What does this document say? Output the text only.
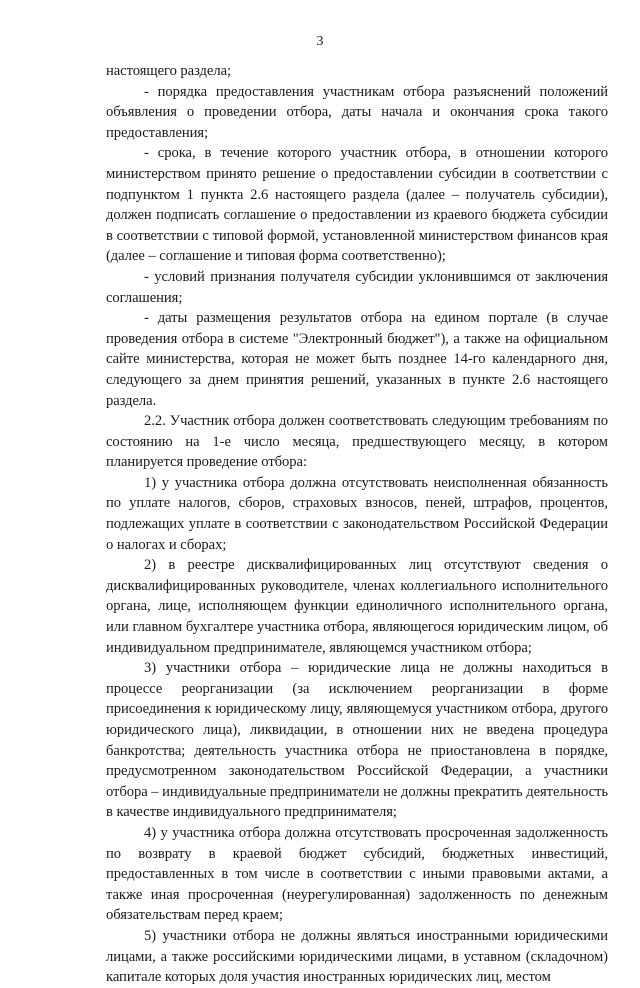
3

настоящего раздела;

- порядка предоставления участникам отбора разъяснений положений объявления о проведении отбора, даты начала и окончания срока такого предоставления;

- срока, в течение которого участник отбора, в отношении которого министерством принято решение о предоставлении субсидии в соответствии с подпунктом 1 пункта 2.6 настоящего раздела (далее – получатель субсидии), должен подписать соглашение о предоставлении из краевого бюджета субсидии в соответствии с типовой формой, установленной министерством финансов края (далее – соглашение и типовая форма соответственно);

- условий признания получателя субсидии уклонившимся от заключения соглашения;

- даты размещения результатов отбора на едином портале (в случае проведения отбора в системе "Электронный бюджет"), а также на официальном сайте министерства, которая не может быть позднее 14-го календарного дня, следующего за днем принятия решений, указанных в пункте 2.6 настоящего раздела.

2.2. Участник отбора должен соответствовать следующим требованиям по состоянию на 1-е число месяца, предшествующего месяцу, в котором планируется проведение отбора:

1) у участника отбора должна отсутствовать неисполненная обязанность по уплате налогов, сборов, страховых взносов, пеней, штрафов, процентов, подлежащих уплате в соответствии с законодательством Российской Федерации о налогах и сборах;

2) в реестре дисквалифицированных лиц отсутствуют сведения о дисквалифицированных руководителе, членах коллегиального исполнительного органа, лице, исполняющем функции единоличного исполнительного органа, или главном бухгалтере участника отбора, являющегося юридическим лицом, об индивидуальном предпринимателе, являющемся участником отбора;

3) участники отбора – юридические лица не должны находиться в процессе реорганизации (за исключением реорганизации в форме присоединения к юридическому лицу, являющемуся участником отбора, другого юридического лица), ликвидации, в отношении них не введена процедура банкротства; деятельность участника отбора не приостановлена в порядке, предусмотренном законодательством Российской Федерации, а участники отбора – индивидуальные предприниматели не должны прекратить деятельность в качестве индивидуального предпринимателя;

4) у участника отбора должна отсутствовать просроченная задолженность по возврату в краевой бюджет субсидий, бюджетных инвестиций, предоставленных в том числе в соответствии с иными правовыми актами, а также иная просроченная (неурегулированная) задолженность по денежным обязательствам перед краем;

5) участники отбора не должны являться иностранными юридическими лицами, а также российскими юридическими лицами, в уставном (складочном) капитале которых доля участия иностранных юридических лиц, местом
